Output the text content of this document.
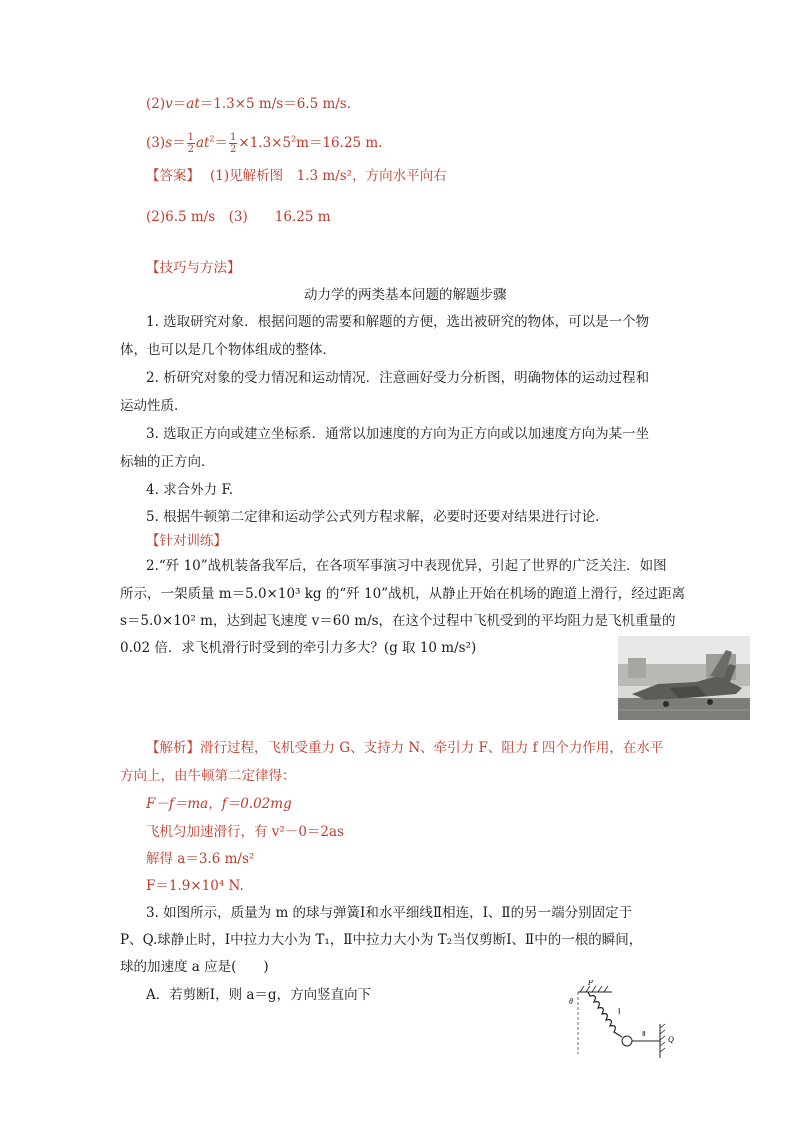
(2)v＝at＝1.3×5 m/s＝6.5 m/s.
$(3)s= \frac{1}{2} at^2= \frac{1}{2} \times 1.3\times 5^2m=16.25$ m.
【答案】 (1)见解析图　1.3 m/s²，方向水平向右
(2)6.5 m/s　(3)　　16.25 m
【技巧与方法】
动力学的两类基本问题的解题步骤
1. 选取研究对象．根据问题的需要和解题的方便，选出被研究的物体，可以是一个物
体，也可以是几个物体组成的整体．
2. 析研究对象的受力情况和运动情况．注意画好受力分析图，明确物体的运动过程和
运动性质．
3. 选取正方向或建立坐标系．通常以加速度的方向为正方向或以加速度方向为某一坐
标轴的正方向．
4. 求合外力 F.
5. 根据牛顿第二定律和运动学公式列方程求解，必要时还要对结果进行讨论．
【针对训练】
2.“歼 10”战机装备我军后，在各项军事演习中表现优异，引起了世界的广泛关注．如图
所示，一架质量 m＝5.0×10³ kg 的“歼 10”战机，从静止开始在机场的跑道上滑行，经过距离
s＝5.0×10² m，达到起飞速度 v＝60 m/s，在这个过程中飞机受到的平均阻力是飞机重量的
0.02 倍．求飞机滑行时受到的牵引力多大？(g 取 10 m/s²)
【解析】滑行过程，飞机受重力 G、支持力 N、牵引力 F、阻力 f 四个力作用，在水平
方向上，由牛顿第二定律得：
F－f＝ma，f＝0.02mg
飞机匀加速滑行，有 v²－0＝2as
解得 a＝3.6 m/s²
F＝1.9×10⁴ N.
3. 如图所示，质量为 m 的球与弹簧Ⅰ和水平细线Ⅱ相连，Ⅰ、Ⅱ的另一端分别固定于
P、Q.球静止时，Ⅰ中拉力大小为 T₁，Ⅱ中拉力大小为 T₂当仅剪断Ⅰ、Ⅱ中的一根的瞬间，
球的加速度 a 应是(　　)
A．若剪断Ⅰ，则 a＝g，方向竖直向下
P
θ
Ⅰ
Ⅱ
Q
